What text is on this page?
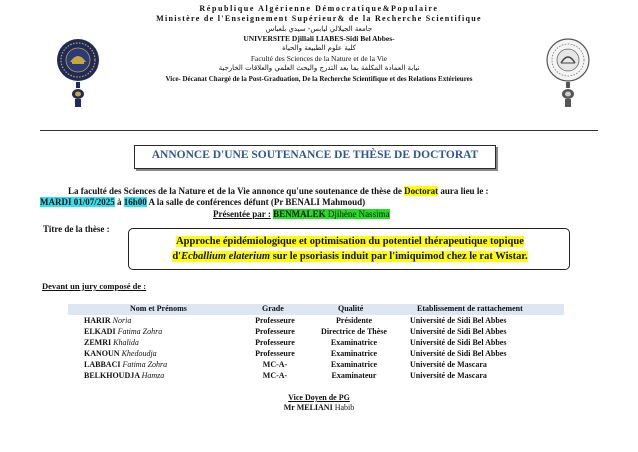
République Algérienne Démocratique&Populaire
Ministère de l'Enseignement Supérieur& de la Recherche Scientifique
جامعة الجيلالي ليابس- سيدي بلعباس
UNIVERSITE Djillali LIABES-Sidi Bel Abbes-
كلية علوم الطبيعة والحياة
Faculté des Sciences de la Nature et de la Vie
نيابة العمادة المكلفة بما بعد التدرج والبحث العلمي والعلاقات الخارجية
Vice- Décanat Chargé de la Post-Graduation, De la Recherche Scientifique et des Relations Extérieures
ANNONCE D'UNE SOUTENANCE DE THÈSE DE DOCTORAT
La faculté des Sciences de la Nature et de la Vie annonce qu'une soutenance de thèse de Doctorat aura lieu le :
MARDI 01/07/2025 à 16h00 A la salle de conférences défunt (Pr BENALI Mahmoud)
Présentée par : BENMALEK Djihène Nassima
Titre de la thèse :
Approche épidémiologique et optimisation du potentiel thérapeutique topique
d'Ecballium elaterium sur le psoriasis induit par l'imiquimod chez le rat Wistar.
Devant un jury composé de :
Nom et Prénoms	Grade	Qualité	Etablissement de rattachement
HARIR Noria	Professeure	Présidente	Université de Sidi Bel Abbes
ELKADI Fatima Zohra	Professeure	Directrice de Thèse	Université de Sidi Bel Abbes
ZEMRI Khalida	Professeure	Examinatrice	Université de Sidi Bel Abbes
KANOUN Khedoudja	Professeure	Examinatrice	Université de Sidi Bel Abbes
LABBACI Fatima Zohra	MC-A-	Examinatrice	Université de Mascara
BELKHOUDJA Hamza	MC-A-	Examinateur	Université de Mascara
Vice Doyen de PG
Mr MELIANI Habib
